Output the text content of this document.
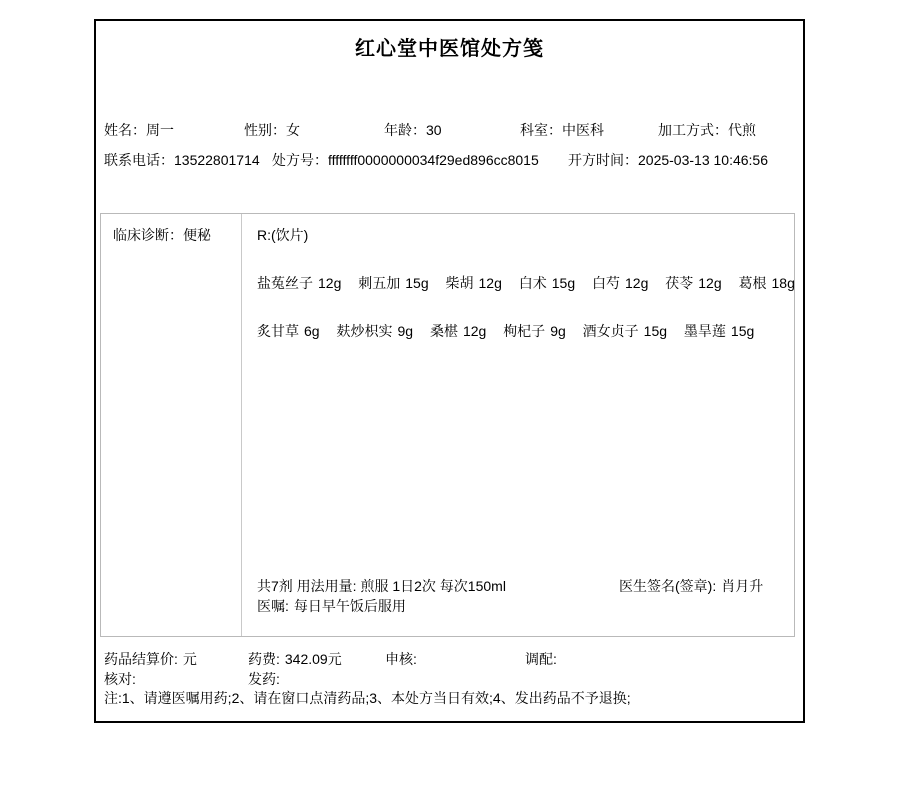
红心堂中医馆处方笺
姓名：周一	性别：女	年龄：30	科室：中医科	加工方式：代煎
联系电话：13522801714 处方号：ffffffff0000000034f29ed896cc8015 开方时间：2025-03-13 10:46:56
临床诊断：便秘	R:(饮片)
盐菟丝子 12g 刺五加 15g 柴胡 12g 白术 15g 白芍 12g 茯苓 12g 葛根 18g
炙甘草 6g 麸炒枳实 9g 桑椹 12g 枸杞子 9g 酒女贞子 15g 墨旱莲 15g
共7剂 用法用量: 煎服 1日2次 每次150ml	医生签名(签章): 肖月升
医嘱: 每日早午饭后服用
药品结算价: 元	药费: 342.09元	申核:	调配:
核对:	发药:
注:1、请遵医嘱用药;2、请在窗口点清药品;3、本处方当日有效;4、发出药品不予退换;
